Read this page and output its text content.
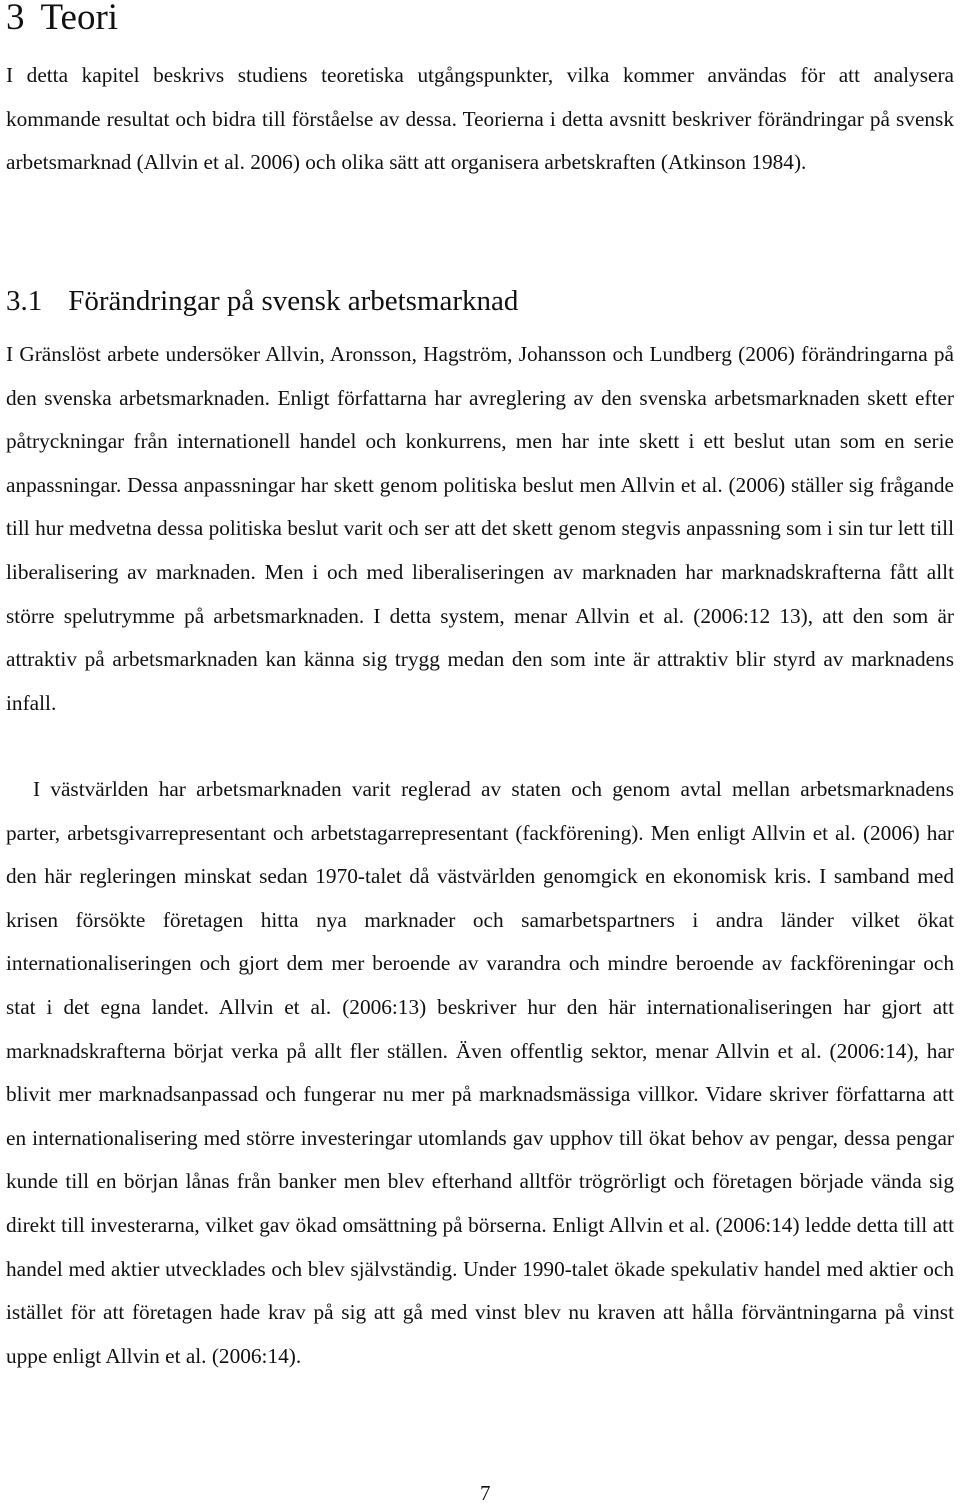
3 Teori

I detta kapitel beskrivs studiens teoretiska utgångspunkter, vilka kommer användas för att analysera kommande resultat och bidra till förståelse av dessa. Teorierna i detta avsnitt beskriver förändringar på svensk arbetsmarknad (Allvin et al. 2006) och olika sätt att organisera arbetskraften (Atkinson 1984).

3.1 Förändringar på svensk arbetsmarknad

I Gränslöst arbete undersöker Allvin, Aronsson, Hagström, Johansson och Lundberg (2006) förändringarna på den svenska arbetsmarknaden. Enligt författarna har avreglering av den svenska arbetsmarknaden skett efter påtryckningar från internationell handel och konkurrens, men har inte skett i ett beslut utan som en serie anpassningar. Dessa anpassningar har skett genom politiska beslut men Allvin et al. (2006) ställer sig frågande till hur medvetna dessa politiska beslut varit och ser att det skett genom stegvis anpassning som i sin tur lett till liberalisering av marknaden. Men i och med liberaliseringen av marknaden har marknadskrafterna fått allt större spelutrymme på arbetsmarknaden. I detta system, menar Allvin et al. (2006:12 13), att den som är attraktiv på arbetsmarknaden kan känna sig trygg medan den som inte är attraktiv blir styrd av marknadens infall.

I västvärlden har arbetsmarknaden varit reglerad av staten och genom avtal mellan arbetsmarknadens parter, arbetsgivarrepresentant och arbetstagarrepresentant (fackförening). Men enligt Allvin et al. (2006) har den här regleringen minskat sedan 1970-talet då västvärlden genomgick en ekonomisk kris. I samband med krisen försökte företagen hitta nya marknader och samarbetspartners i andra länder vilket ökat internationaliseringen och gjort dem mer beroende av varandra och mindre beroende av fackföreningar och stat i det egna landet. Allvin et al. (2006:13) beskriver hur den här internationaliseringen har gjort att marknadskrafterna börjat verka på allt fler ställen. Även offentlig sektor, menar Allvin et al. (2006:14), har blivit mer marknadsanpassad och fungerar nu mer på marknadsmässiga villkor. Vidare skriver författarna att en internationalisering med större investeringar utomlands gav upphov till ökat behov av pengar, dessa pengar kunde till en början lånas från banker men blev efterhand alltför trögrörligt och företagen började vända sig direkt till investerarna, vilket gav ökad omsättning på börserna. Enligt Allvin et al. (2006:14) ledde detta till att handel med aktier utvecklades och blev självständig. Under 1990-talet ökade spekulativ handel med aktier och istället för att företagen hade krav på sig att gå med vinst blev nu kraven att hålla förväntningarna på vinst uppe enligt Allvin et al. (2006:14).

7
